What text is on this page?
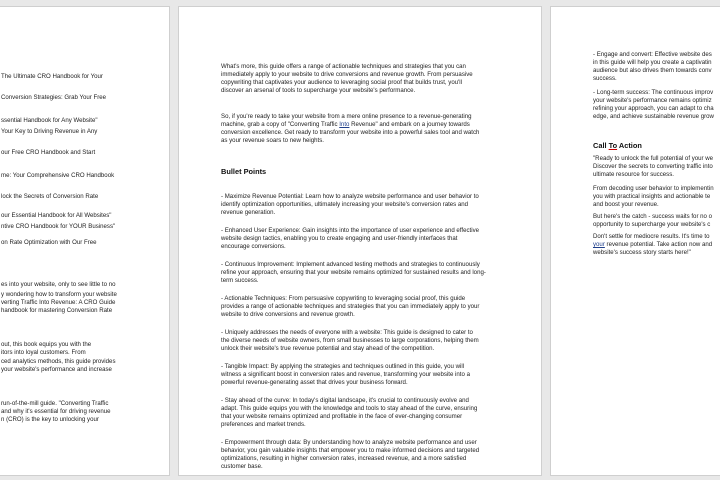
The Ultimate CRO Handbook for Your
Conversion Strategies: Grab Your Free
ssential Handbook for Any Website"
Your Key to Driving Revenue in Any
our Free CRO Handbook and Start
me: Your Comprehensive CRO Handbook
lock the Secrets of Conversion Rate
our Essential Handbook for All Websites"
ntive CRO Handbook for YOUR Business"
on Rate Optimization with Our Free
es into your website, only to see little to no
y wondering how to transform your website
verting Traffic Into Revenue: A CRO Guide
handbook for mastering Conversion Rate
out, this book equips you with the
itors into loyal customers. From
ced analytics methods, this guide provides
your website's performance and increase
run-of-the-mill guide. "Converting Traffic
and why it's essential for driving revenue
n (CRO) is the key to unlocking your
What's more, this guide offers a range of actionable techniques and strategies that you can
immediately apply to your website to drive conversions and revenue growth. From persuasive
copywriting that captivates your audience to leveraging social proof that builds trust, you'll
discover an arsenal of tools to supercharge your website's performance.
So, if you're ready to take your website from a mere online presence to a revenue-generating
machine, grab a copy of "Converting Traffic Into Revenue" and embark on a journey towards
conversion excellence. Get ready to transform your website into a powerful sales tool and watch
as your revenue soars to new heights.
Bullet Points
- Maximize Revenue Potential: Learn how to analyze website performance and user behavior to
identify optimization opportunities, ultimately increasing your website's conversion rates and
revenue generation.
- Enhanced User Experience: Gain insights into the importance of user experience and effective
website design tactics, enabling you to create engaging and user-friendly interfaces that
encourage conversions.
- Continuous Improvement: Implement advanced testing methods and strategies to continuously
refine your approach, ensuring that your website remains optimized for sustained results and long-
term success.
- Actionable Techniques: From persuasive copywriting to leveraging social proof, this guide
provides a range of actionable techniques and strategies that you can immediately apply to your
website to drive conversions and revenue growth.
- Uniquely addresses the needs of everyone with a website: This guide is designed to cater to
the diverse needs of website owners, from small businesses to large corporations, helping them
unlock their website's true revenue potential and stay ahead of the competition.
- Tangible Impact: By applying the strategies and techniques outlined in this guide, you will
witness a significant boost in conversion rates and revenue, transforming your website into a
powerful revenue-generating asset that drives your business forward.
- Stay ahead of the curve: In today's digital landscape, it's crucial to continuously evolve and
adapt. This guide equips you with the knowledge and tools to stay ahead of the curve, ensuring
that your website remains optimized and profitable in the face of ever-changing consumer
preferences and market trends.
- Empowerment through data: By understanding how to analyze website performance and user
behavior, you gain valuable insights that empower you to make informed decisions and targeted
optimizations, resulting in higher conversion rates, increased revenue, and a more satisfied
customer base.
- Engage and convert: Effective website des
in this guide will help you create a captivatin
audience but also drives them towards conv
success.
- Long-term success: The continuous improv
your website's performance remains optimiz
refining your approach, you can adapt to cha
edge, and achieve sustainable revenue grow
Call To Action
"Ready to unlock the full potential of your we
Discover the secrets to converting traffic into
ultimate resource for success.
From decoding user behavior to implementin
you with practical insights and actionable te
and boost your revenue.
But here's the catch - success waits for no o
opportunity to supercharge your website's c
Don't settle for mediocre results. It's time to
your revenue potential. Take action now and
website's success story starts here!"
